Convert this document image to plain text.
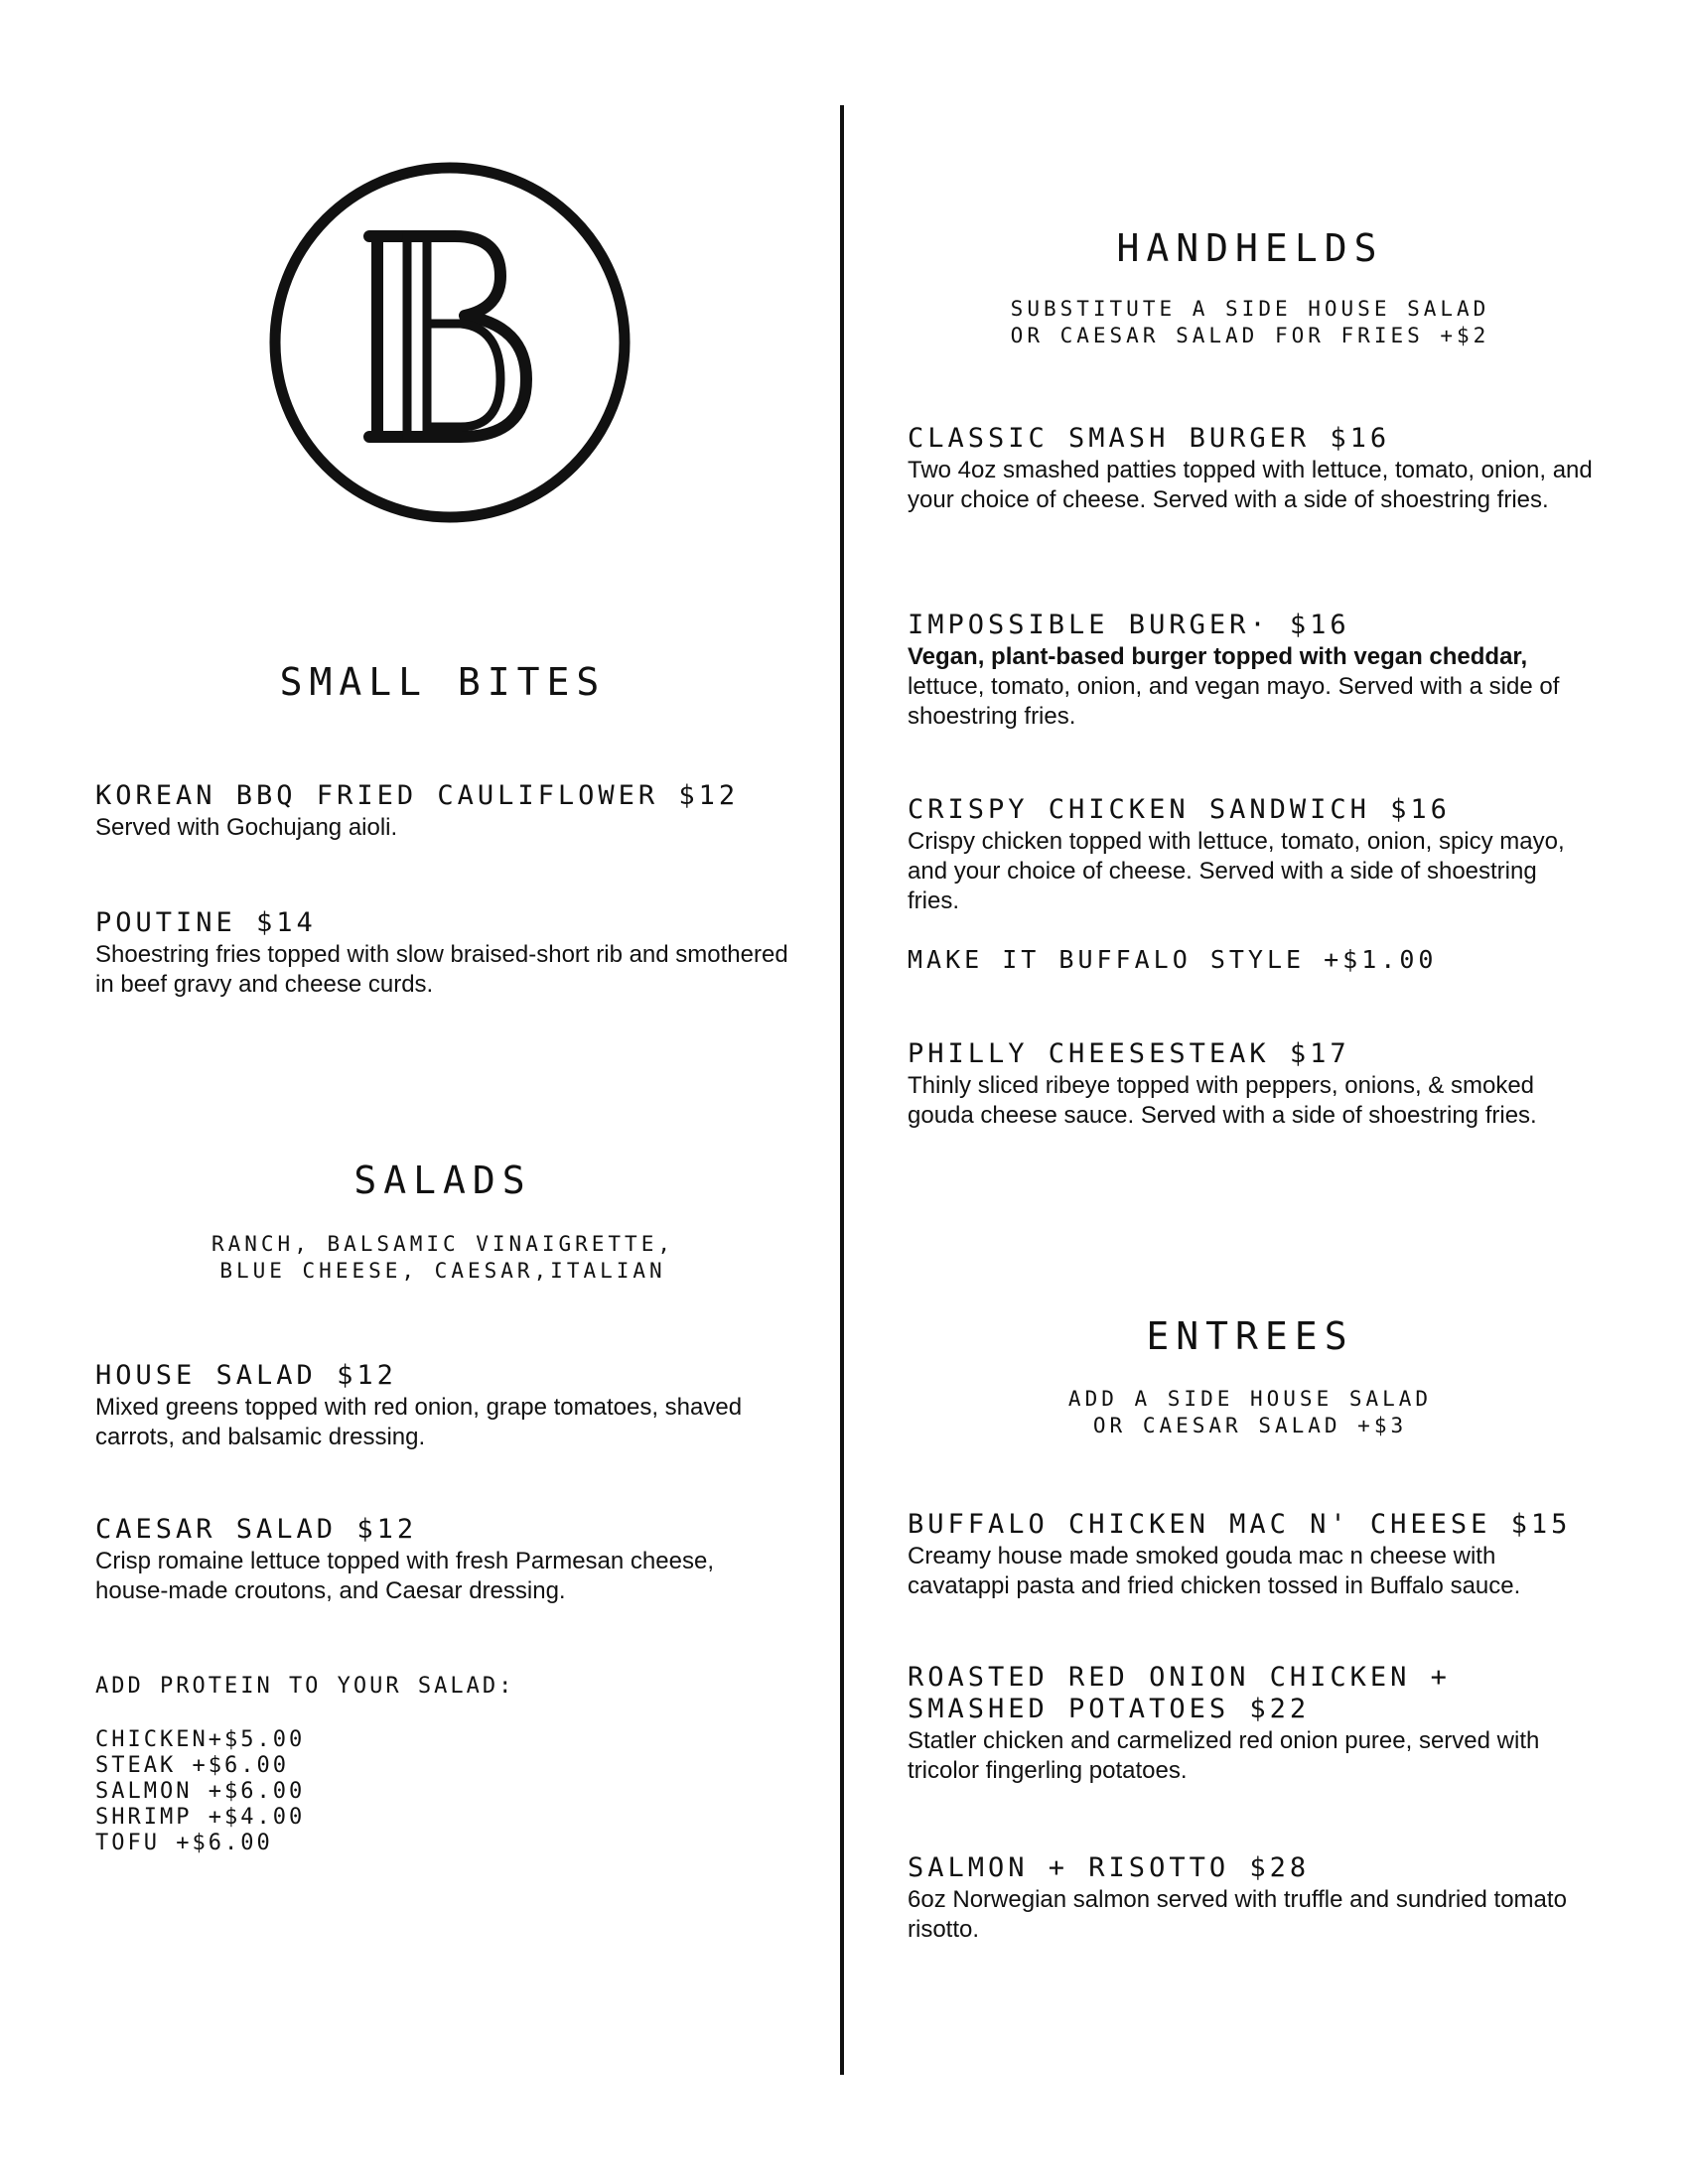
SMALL BITES
KOREAN BBQ FRIED CAULIFLOWER $12
Served with Gochujang aioli.
POUTINE $14
Shoestring fries topped with slow braised-short rib and smothered in beef gravy and cheese curds.
SALADS
RANCH, BALSAMIC VINAIGRETTE,
BLUE CHEESE, CAESAR,ITALIAN
HOUSE SALAD $12
Mixed greens topped with red onion, grape tomatoes, shaved carrots, and balsamic dressing.
CAESAR SALAD $12
Crisp romaine lettuce topped with fresh Parmesan cheese, house-made croutons, and Caesar dressing.
ADD PROTEIN TO YOUR SALAD:
CHICKEN+$5.00
STEAK +$6.00
SALMON +$6.00
SHRIMP +$4.00
TOFU +$6.00
HANDHELDS
SUBSTITUTE A SIDE HOUSE SALAD
OR CAESAR SALAD FOR FRIES +$2
CLASSIC SMASH BURGER $16
Two 4oz smashed patties topped with lettuce, tomato, onion, and your choice of cheese. Served with a side of shoestring fries.
IMPOSSIBLE BURGER· $16
Vegan, plant-based burger topped with vegan cheddar, lettuce, tomato, onion, and vegan mayo. Served with a side of shoestring fries.
CRISPY CHICKEN SANDWICH $16
Crispy chicken topped with lettuce, tomato, onion, spicy mayo, and your choice of cheese. Served with a side of shoestring fries.
MAKE IT BUFFALO STYLE +$1.00
PHILLY CHEESESTEAK $17
Thinly sliced ribeye topped with peppers, onions, & smoked gouda cheese sauce. Served with a side of shoestring fries.
ENTREES
ADD A SIDE HOUSE SALAD
OR CAESAR SALAD +$3
BUFFALO CHICKEN MAC N' CHEESE $15
Creamy house made smoked gouda mac n cheese with cavatappi pasta and fried chicken tossed in Buffalo sauce.
ROASTED RED ONION CHICKEN +
SMASHED POTATOES $22
Statler chicken and carmelized red onion puree, served with tricolor fingerling potatoes.
SALMON + RISOTTO $28
6oz Norwegian salmon served with truffle and sundried tomato risotto.
